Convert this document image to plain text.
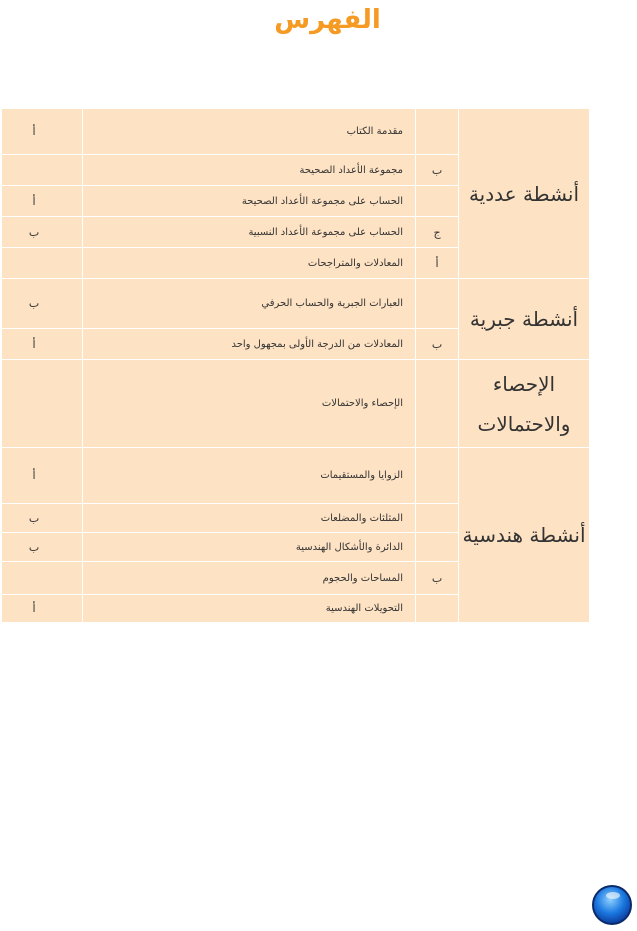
الفهرس
أنشطة عددية		مقدمة الكتاب	أ
	ب	مجموعة الأعداد الصحيحة	
		الحساب على مجموعة الأعداد الصحيحة	أ
	ج	الحساب على مجموعة الأعداد النسبية	ب
	أ	المعادلات والمتراجحات	
أنشطة جبرية		العبارات الجبرية والحساب الحرفي	ب
	ب	المعادلات من الدرجة الأولى بمجهول واحد	أ
الإحصاء والاحتمالات		الإحصاء والاحتمالات	
أنشطة هندسية		الزوايا والمستقيمات	أ
		المثلثات والمضلعات	ب
		الدائرة والأشكال الهندسية	ب
	ب	المساحات والحجوم	
		التحويلات الهندسية	أ
